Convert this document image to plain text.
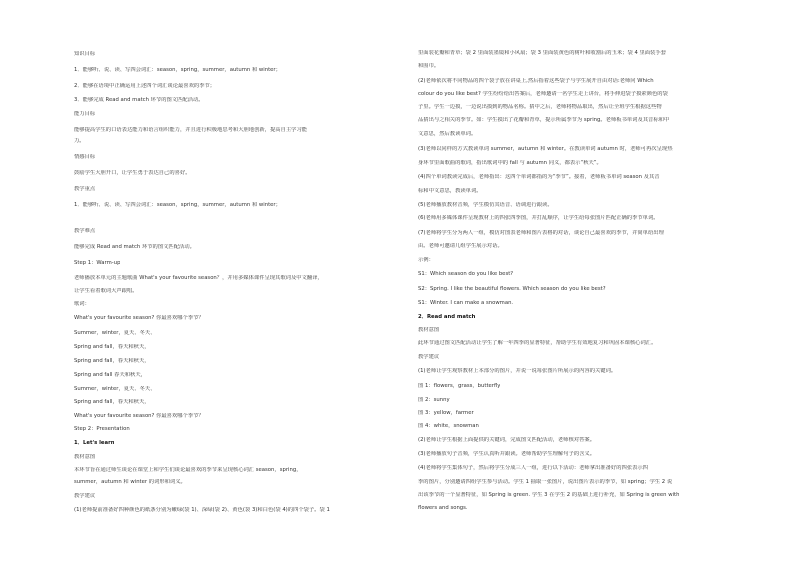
知识目标
1．能够听、说、读、写四会词汇：season，spring，summer，autumn 和 winter；
2．能够在语境中正确运用上述四个词汇谈论最喜欢的季节；
3．能够完成 Read and match 环节的图文匹配活动。
能力目标
能够提高学生的口语表达能力和语言组织能力，并且进行积极地思考和大胆地创新，提高自主学习能
力。
情感目标
鼓励学生大胆开口，让学生勇于表达自己的喜好。
教学重点
1．能够听、说、读、写四会词汇：season，spring，summer，autumn 和 winter；
教学难点
能够完成 Read and match 环节的图文匹配活动。
Step 1：Warm-up
老师播放本单元的主题歌曲 What's your favourite season？，并用多媒体课件呈现其歌词及中文翻译，
让学生看着歌词大声跟唱。
歌词：
What's your favourite season? 你最喜欢哪个季节？
Summer，winter，夏天、冬天、
Spring and fall，春天和秋天，
Spring and fall，春天和秋天，
Spring and fall 春天和秋天，
Summer，winter，夏天、冬天、
Spring and fall，春天和秋天，
What's your favourite season? 你最喜欢哪个季节？
Step 2：Presentation
1．Let's learn
教材意图
本环节旨在通过师生谈论在课堂上和学生们谈论最喜欢的季节来呈现核心词汇 season，spring，
summer，autumn 和 winter 的词形和词义。
教学建议
(1)老师提前准备好四种颜色的纸条分别为嫩绿(袋 1)、深绿(袋 2)、黄色(袋 3)和白色(袋 4)的四个袋子。袋 1
里面装花瓣和青草；袋 2 里面装墨镜和小风扇；袋 3 里面装黄色的树叶和收割后的玉米；袋 4 里面装手套
和围巾。
(2)老师依次将不同物品的四个袋子放在讲桌上,然后指着这些袋子与学生展开自由对话:老师问 Which
colour do you like best? 学生纷纷给出答案后，老师邀请一名学生走上讲台，将手伸进袋子摸索颜色的袋
子里。学生一边摸，一边说出摸到的物品名称。猜中之后，老师将物品取出，然后让全班学生根据这些物
品猜出与之相关的季节。如：学生摸出了花瓣和青草，提示所属季节为 spring。老师板书单词及其音标和中
文意思，然后教读单词。
(3)老师以同样的方式教读单词 summer，autumn 和 winter。在教读单词 autumn 时，老师可再次呈现热
身环节里面歌曲的歌词，指出歌词中的 fall 与 autumn 同义，都表示“秋天”。
(4)四个单词教读完成后，老师指出：这四个单词都指的为“季节”。接着，老师板书单词 season 及其音
标和中文意思，教读单词。
(5)老师播放教材音频，学生模仿其语音、语调进行跟读。
(6)老师用多媒体课件呈现教材上的四张四季图，并打乱顺序，让学生给每张图片匹配正确的季节单词。
(7)老师将学生分为两人一组，模仿对图表老师和图片表格的对话，谈论自己最喜欢的季节，并简单给出理
由。老师可邀请几组学生展示对话。
示例：
S1：Which season do you like best?
S2：Spring. I like the beautiful flowers. Which season do you like best?
S1：Winter. I can make a snowman.
2．Read and match
教材意图
此环节通过图文匹配活动让学生了解一年四季的显著特征，帮助学生有效地复习和巩固本课核心词汇。
教学建议
(1)老师让学生观察教材上本部分的图片，并说一说每张图片所展示的内容的关键词。
图 1：flowers，grass，butterfly
图 2：sunny
图 3：yellow，farmer
图 4：white，snowman
(2)老师让学生根据上面提供的关键词，完成图文匹配活动，老师核对答案。
(3)老师播放句子音频，学生认真听并跟读。老师帮助学生理解句子的含义。
(4)老师将学生集体句子，然后将学生分成三人一组，进行以下活动：老师拿出准备好的四张表示四
季的图片，分别邀请四组学生参与活动。学生 1 抽取一张图片，说出图片表示的季节，如 spring；学生 2 说
出该季节的一个显著特征，如 Spring is green. 学生 3 在学生 2 的基础上进行补充，如 Spring is green with
flowers and songs.
